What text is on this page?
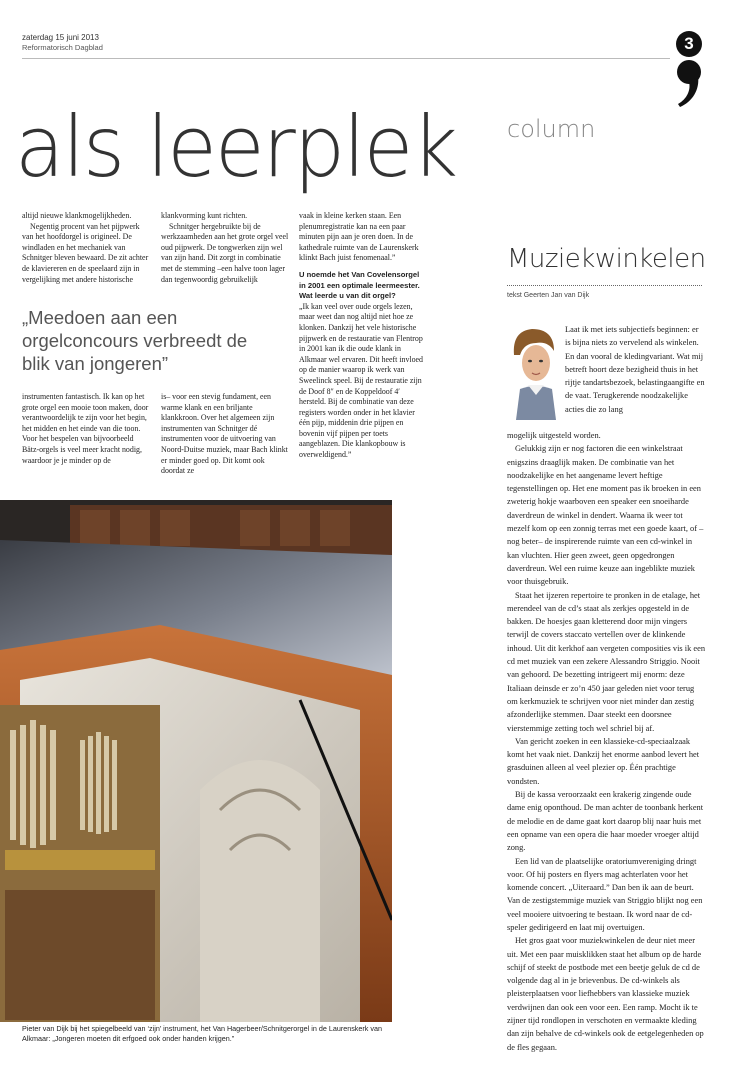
zaterdag 15 juni 2013
Reformatorisch Dagblad	3
als leerplek

altijd nieuwe klankmogelijkheden.

Negentig procent van het pijpwerk van het hoofdorgel is origineel. De windladen en het mechaniek van Schnitger bleven bewaard. De zit achter de klaviereren en de speelaard zijn in vergelijking met andere historische

klankvorming kunt richten.

Schnitger hergebruikte bij de werkzaamheden aan het grote orgel veel oud pijpwerk. De tongwerken zijn wel van zijn hand. Dit zorgt in combinatie met de stemming –een halve toon lager dan tegenwoordig gebruikelijk

vaak in kleine kerken staan. Een plenumregistratie kan na een paar minuten pijn aan je oren doen. In de kathedrale ruimte van de Laurenskerk klinkt Bach juist fenomenaal.”

U noemde het Van Covelensorgel in 2001 een optimale leermeester. Wat leerde u van dit orgel?

„Ik kan veel over oude orgels lezen, maar weet dan nog altijd niet hoe ze klonken. Dankzij het vele historische pijpwerk en de restauratie van Flentrop in 2001 kan ik die oude klank in Alkmaar wel ervaren. Dit heeft invloed op de manier waarop ik werk van Sweelinck speel. Bij de restauratie zijn de Doof 8″ en de Koppeldoof 4′ hersteld. Bij de combinatie van deze registers worden onder in het klavier één pijp, middenin drie pijpen en bovenin vijf pijpen per toets aangeblazen. Die klankopbouw is overweldigend.”

„Meedoen aan een orgelconcours verbreedt de blik van jongeren”

instrumenten fantastisch. Ik kan op het grote orgel een mooie toon maken, door verantwoordelijk te zijn voor het begin, het midden en het einde van die toon. Voor het bespelen van bijvoorbeeld Bätz-orgels is veel meer kracht nodig, waardoor je je minder op de

is– voor een stevig fundament, een warme klank en een briljante klankkroon. Over het algemeen zijn instrumenten van Schnitger dé instrumenten voor de uitvoering van Noord-Duitse muziek, maar Bach klinkt er minder goed op. Dit komt ook doordat ze

Pieter van Dijk bij het spiegelbeeld van ‘zijn’ instrument, het Van Hagerbeer/Schnitgerorgel in de Laurenskerk van Alkmaar: „Jongeren moeten dit erfgoed ook onder handen krijgen.”
column
Muziekwinkelen
tekst Geerten Jan van Dijk

Laat ik met iets subjectiefs beginnen: er is bijna niets zo vervelend als winkelen. En dan vooral de kledingvariant. Wat mij betreft hoort deze bezigheid thuis in het rijtje tandartsbezoek, belastingaangifte en de vaat. Terugkerende noodzakelijke acties die zo lang

mogelijk uitgesteld worden.

Gelukkig zijn er nog factoren die een winkelstraat enigszins draaglijk maken. De combinatie van het noodzakelijke en het aangename levert heftige tegenstellingen op. Het ene moment pas ik broeken in een zweterig hokje waarboven een speaker een snoeiharde daverdreun de winkel in dendert. Waarna ik weer tot mezelf kom op een zonnig terras met een goede kaart, of –nog beter– de inspirerende ruimte van een cd-winkel in kan vluchten. Hier geen zweet, geen opgedrongen daverdreun. Wel een ruime keuze aan ingeblikte muziek voor thuisgebruik.

Staat het ijzeren repertoire te pronken in de etalage, het merendeel van de cd’s staat als zerkjes opgesteld in de bakken. De hoesjes gaan kletterend door mijn vingers terwijl de covers staccato vertellen over de klinkende inhoud. Uit dit kerkhof aan vergeten composities vis ik een cd met muziek van een zekere Alessandro Striggio. Nooit van gehoord. De bezetting intrigeert mij enorm: deze Italiaan deinsde er zo’n 450 jaar geleden niet voor terug om kerkmuziek te schrijven voor niet minder dan zestig afzonderlijke stemmen. Daar steekt een doorsnee vierstemmige zetting toch wel schriel bij af.

Van gericht zoeken in een klassieke-cd-speciaalzaak komt het vaak niet. Dankzij het enorme aanbod levert het grasduinen alleen al veel plezier op. Één prachtige vondsten.

Bij de kassa veroorzaakt een krakerig zingende oude dame enig oponthoud. De man achter de toonbank herkent de melodie en de dame gaat kort daarop blij naar huis met een opname van een opera die haar moeder vroeger altijd zong.

Een lid van de plaatselijke oratoriumvereniging dringt voor. Of hij posters en flyers mag achterlaten voor het komende concert. „Uiteraard.” Dan ben ik aan de beurt. Van de zestigstemmige muziek van Striggio blijkt nog een veel mooiere uitvoering te bestaan. Ik word naar de cd-speler gedirigeerd en laat mij overtuigen.

Het gros gaat voor muziekwinkelen de deur niet meer uit. Met een paar muisklikken staat het album op de harde schijf of steekt de postbode met een beetje geluk de cd de volgende dag al in je brievenbus. De cd-winkels als pleisterplaatsen voor liefhebbers van klassieke muziek verdwijnen dan ook een voor een. Een ramp. Mocht ik te zijner tijd rondlopen in verschoten en vermaakte kleding dan zijn behalve de cd-winkels ook de eetgelegenheden op de fles gegaan.
